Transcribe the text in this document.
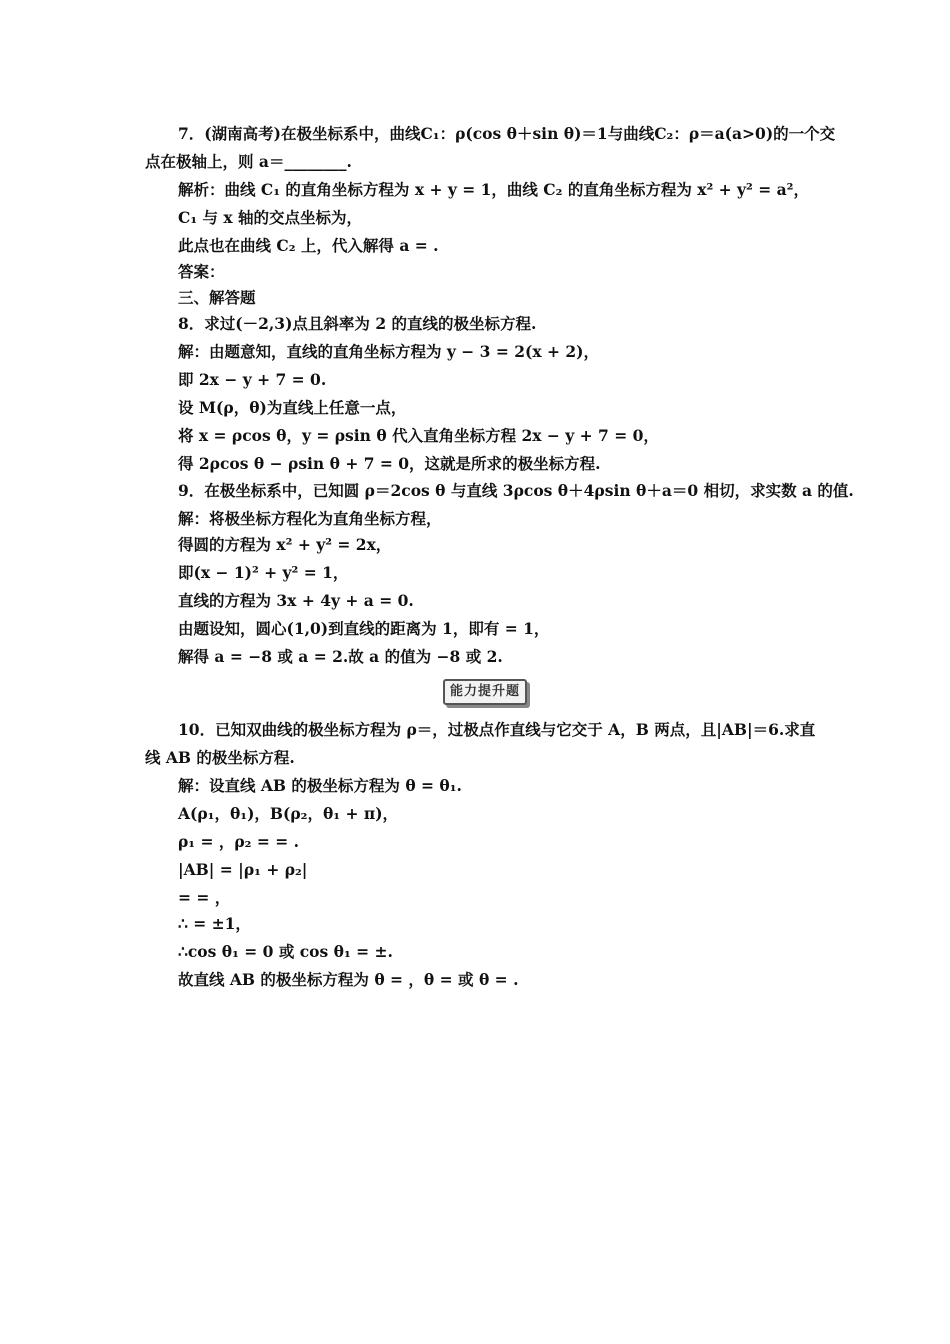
7．(湖南高考)在极坐标系中，曲线C₁：ρ(cos θ＋sin θ)＝1与曲线C₂：ρ＝a(a>0)的一个交
点在极轴上，则 a＝________.
解析：曲线 C₁ 的直角坐标方程为 x + y = 1，曲线 C₂ 的直角坐标方程为 x² + y² = a²，
C₁ 与 x 轴的交点坐标为，
此点也在曲线 C₂ 上，代入解得 a = .
答案：
三、解答题
8．求过(－2,3)点且斜率为 2 的直线的极坐标方程.
解：由题意知，直线的直角坐标方程为 y − 3 = 2(x + 2)，
即 2x − y + 7 = 0.
设 M(ρ，θ)为直线上任意一点，
将 x = ρcos θ，y = ρsin θ 代入直角坐标方程 2x − y + 7 = 0，
得 2ρcos θ − ρsin θ + 7 = 0，这就是所求的极坐标方程.
9．在极坐标系中，已知圆 ρ＝2cos θ 与直线 3ρcos θ＋4ρsin θ＋a＝0 相切，求实数 a 的值.
解：将极坐标方程化为直角坐标方程，
得圆的方程为 x² + y² = 2x，
即(x − 1)² + y² = 1，
直线的方程为 3x + 4y + a = 0.
由题设知，圆心(1,0)到直线的距离为 1，即有 = 1，
解得 a = −8 或 a = 2.故 a 的值为 −8 或 2.
能力提升题
10．已知双曲线的极坐标方程为 ρ＝，过极点作直线与它交于 A，B 两点，且|AB|＝6.求直
线 AB 的极坐标方程.
解：设直线 AB 的极坐标方程为 θ = θ₁.
A(ρ₁，θ₁)，B(ρ₂，θ₁ + π)，
ρ₁ = ，ρ₂ = = .
|AB| = |ρ₁ + ρ₂|
= = ，
∴ = ±1，
∴cos θ₁ = 0 或 cos θ₁ = ±.
故直线 AB 的极坐标方程为 θ = ，θ = 或 θ = .
